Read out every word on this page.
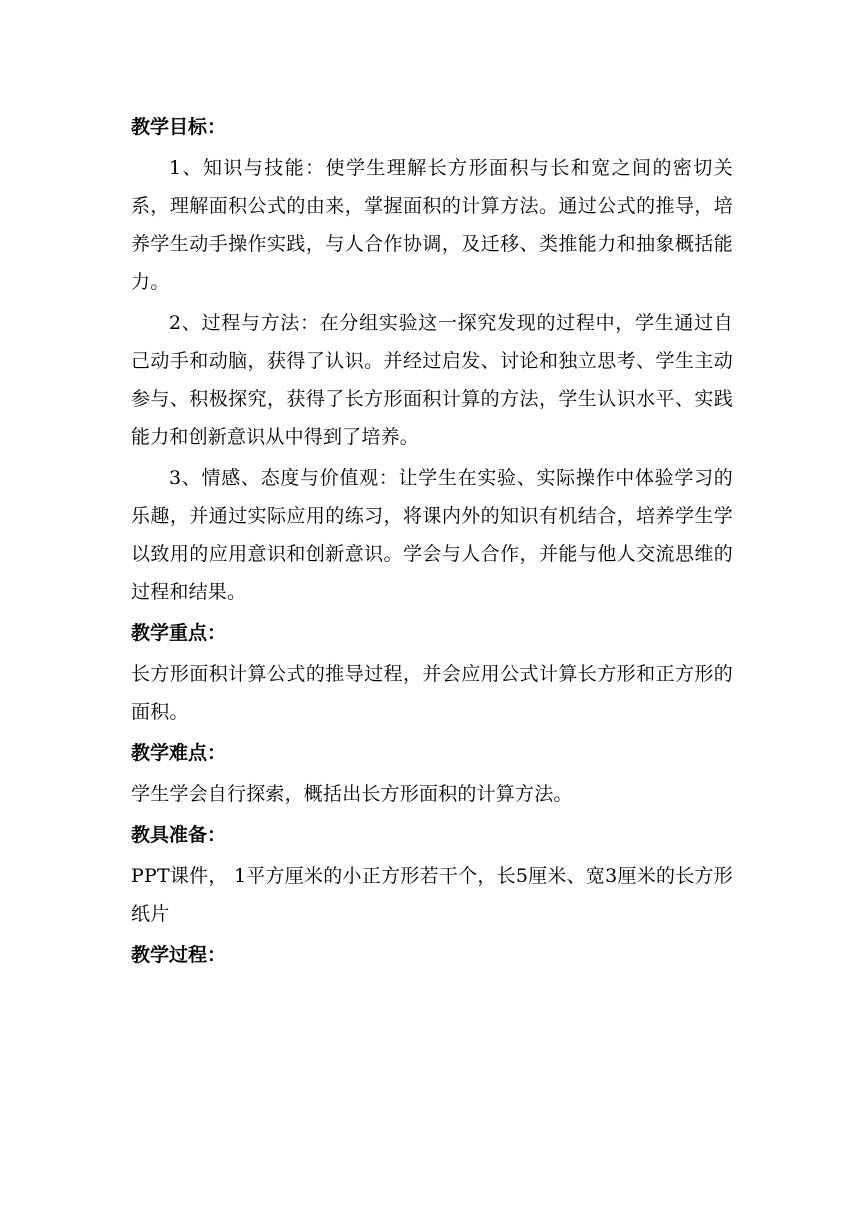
教学目标：

1、知识与技能：使学生理解长方形面积与长和宽之间的密切关系，理解面积公式的由来，掌握面积的计算方法。通过公式的推导，培养学生动手操作实践，与人合作协调，及迁移、类推能力和抽象概括能力。

2、过程与方法：在分组实验这一探究发现的过程中，学生通过自己动手和动脑，获得了认识。并经过启发、讨论和独立思考、学生主动参与、积极探究，获得了长方形面积计算的方法，学生认识水平、实践能力和创新意识从中得到了培养。

3、情感、态度与价值观：让学生在实验、实际操作中体验学习的乐趣，并通过实际应用的练习，将课内外的知识有机结合，培养学生学以致用的应用意识和创新意识。学会与人合作，并能与他人交流思维的过程和结果。

教学重点：

长方形面积计算公式的推导过程，并会应用公式计算长方形和正方形的面积。

教学难点：

学生学会自行探索，概括出长方形面积的计算方法。

教具准备：

PPT课件， 1平方厘米的小正方形若干个，长5厘米、宽3厘米的长方形纸片

教学过程：
